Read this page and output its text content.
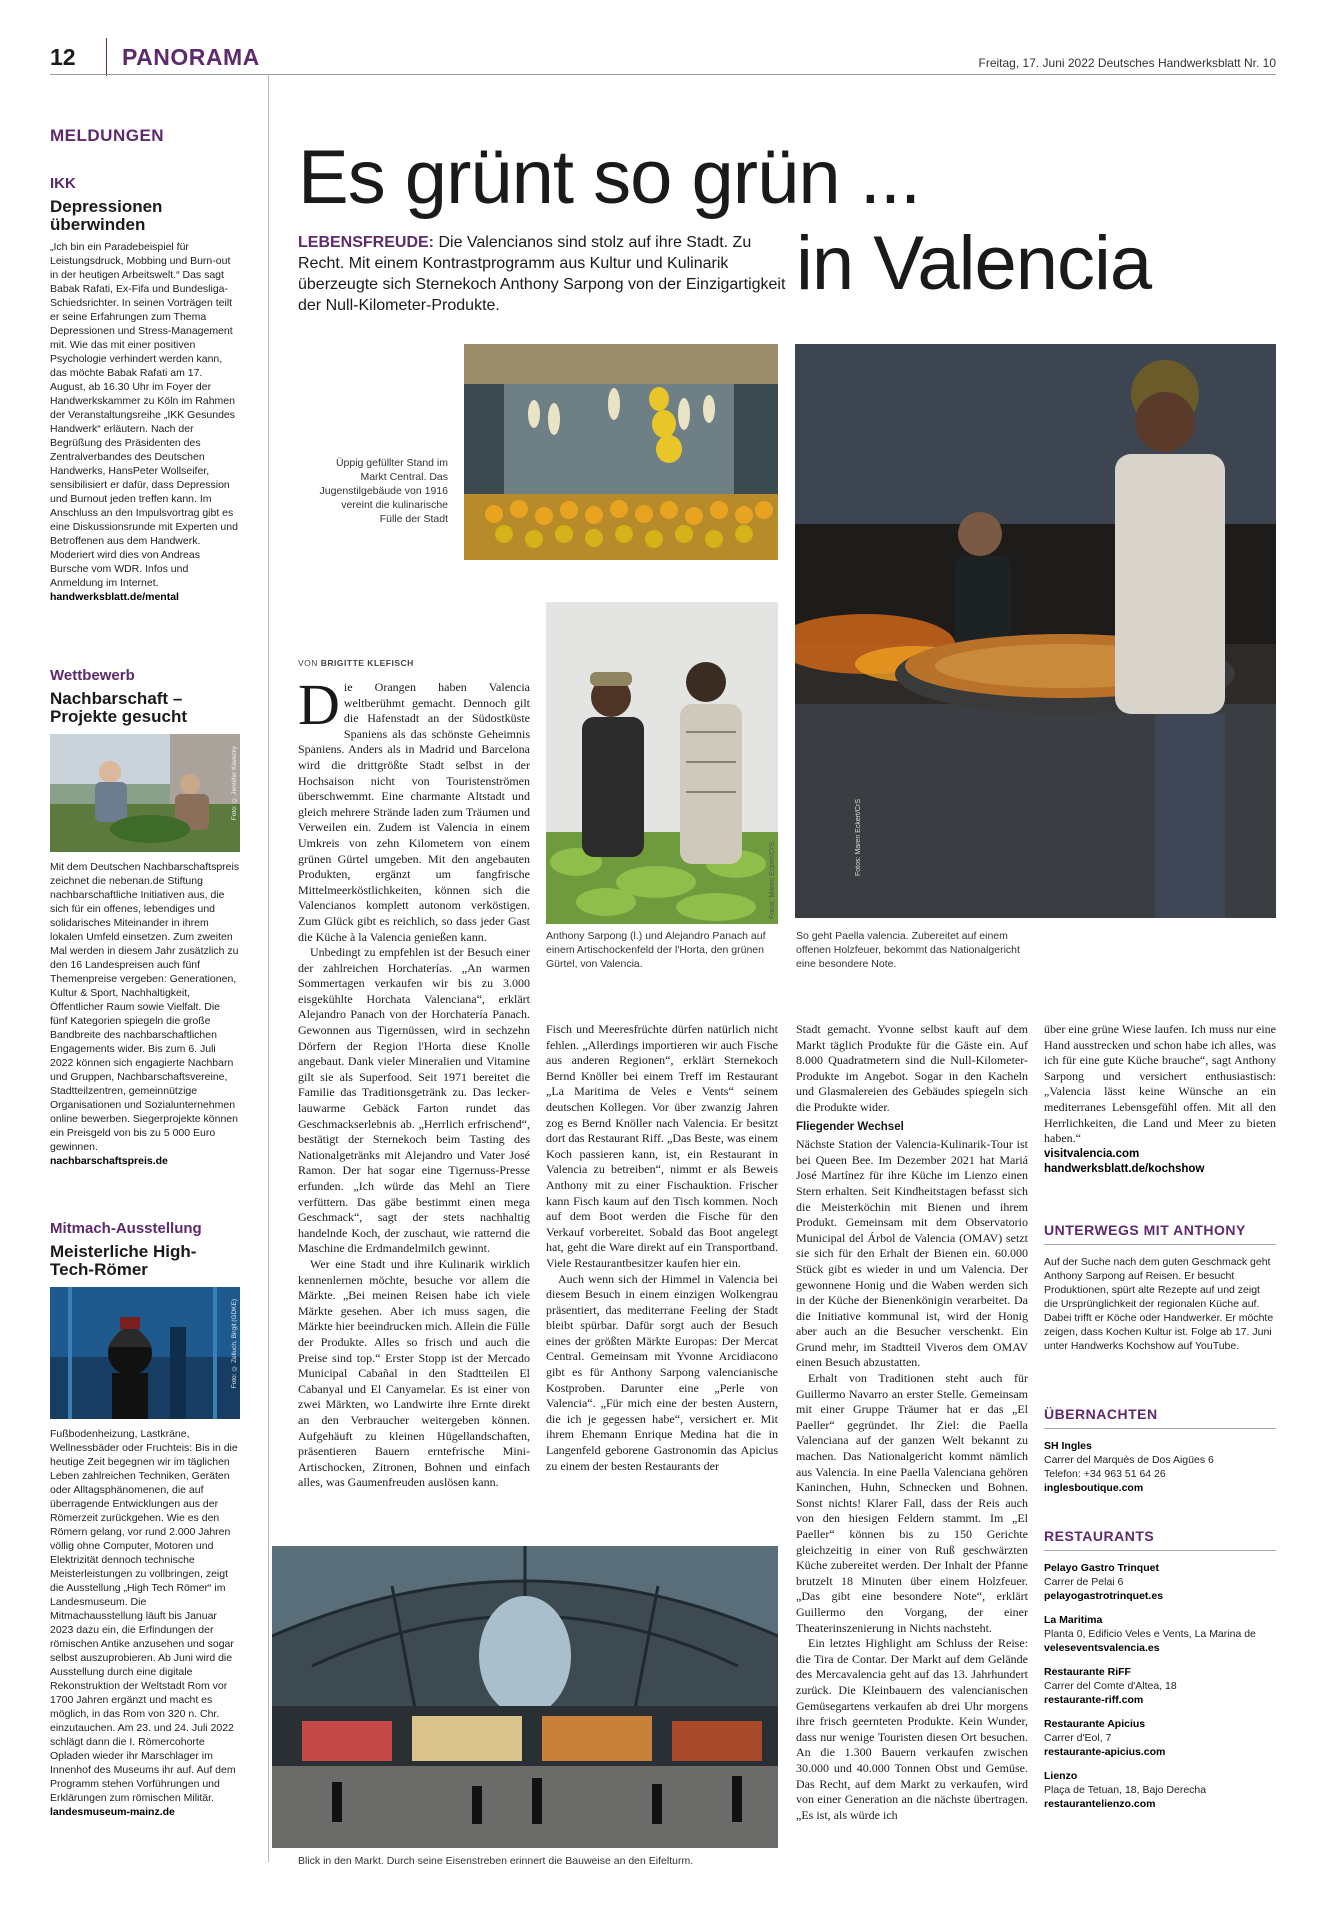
12 PANORAMA	Freitag, 17. Juni 2022 Deutsches Handwerksblatt Nr. 10
MELDUNGEN
IKK
Depressionen überwinden
„Ich bin ein Paradebeispiel für Leistungsdruck, Mobbing und Burn-out in der heutigen Arbeitswelt.“ Das sagt Babak Rafati, Ex-Fifa und Bundesliga-Schiedsrichter. In seinen Vorträgen teilt er seine Erfahrungen zum Thema Depressionen und Stress-Management mit. Wie das mit einer positiven Psychologie verhindert werden kann, das möchte Babak Rafati am 17. August, ab 16.30 Uhr im Foyer der Handwerkskammer zu Köln im Rahmen der Veranstaltungsreihe „IKK Gesundes Handwerk“ erläutern. Nach der Begrüßung des Präsidenten des Zentralverbandes des Deutschen Handwerks, HansPeter Wollseifer, sensibilisiert er dafür, dass Depression und Burnout jeden treffen kann. Im Anschluss an den Impulsvortrag gibt es eine Diskussionsrunde mit Experten und Betroffenen aus dem Handwerk. Moderiert wird dies von Andreas Bursche vom WDR. Infos und Anmeldung im Internet.
handwerksblatt.de/mental
Wettbewerb
Nachbarschaft – Projekte gesucht
Foto: © Jennifer Kiwecky
Mit dem Deutschen Nachbarschaftspreis zeichnet die nebenan.de Stiftung nachbarschaftliche Initiativen aus, die sich für ein offenes, lebendiges und solidarisches Miteinander in ihrem lokalen Umfeld einsetzen. Zum zweiten Mal werden in diesem Jahr zusätzlich zu den 16 Landespreisen auch fünf Themenpreise vergeben: Generationen, Kultur & Sport, Nachhaltigkeit, Öffentlicher Raum sowie Vielfalt. Die fünf Kategorien spiegeln die große Bandbreite des nachbarschaftlichen Engagements wider. Bis zum 6. Juli 2022 können sich engagierte Nachbarn und Gruppen, Nachbarschaftsvereine, Stadtteilzentren, gemeinnützige Organisationen und Sozialunternehmen online bewerben. Siegerprojekte können ein Preisgeld von bis zu 5 000 Euro gewinnen.
nachbarschaftspreis.de
Mitmach-Ausstellung
Meisterliche High-Tech-Römer
Foto: © Zelluch, Birgit (GDKE)
Fußbodenheizung, Lastkräne, Wellnessbäder oder Fruchteis: Bis in die heutige Zeit begegnen wir im täglichen Leben zahlreichen Techniken, Geräten oder Alltagsphänomenen, die auf überragende Entwicklungen aus der Römerzeit zurückgehen. Wie es den Römern gelang, vor rund 2.000 Jahren völlig ohne Computer, Motoren und Elektrizität dennoch technische Meisterleistungen zu vollbringen, zeigt die Ausstellung „High Tech Römer“ im Landesmuseum. Die Mitmachausstellung läuft bis Januar 2023 dazu ein, die Erfindungen der römischen Antike anzusehen und sogar selbst auszuprobieren. Ab Juni wird die Ausstellung durch eine digitale Rekonstruktion der Weltstadt Rom vor 1700 Jahren ergänzt und macht es möglich, in das Rom von 320 n. Chr. einzutauchen. Am 23. und 24. Juli 2022 schlägt dann die I. Römercohorte Opladen wieder ihr Marschlager im Innenhof des Museums ihr auf. Auf dem Programm stehen Vorführungen und Erklärungen zum römischen Militär.
landesmuseum-mainz.de
Es grünt so grün ...
in Valencia
LEBENSFREUDE: Die Valencianos sind stolz auf ihre Stadt. Zu Recht. Mit einem Kontrastprogramm aus Kultur und Kulinarik überzeugte sich Sternekoch Anthony Sarpong von der Einzigartigkeit der Null-Kilometer-Produkte.
Üppig gefüllter Stand im Markt Central. Das Jugenstilgebäude von 1916 vereint die kulinarische Fülle der Stadt
Fotos: Maren Eckert/CrS
So geht Paella valencia. Zubereitet auf einem offenen Holzfeuer, bekommt das Nationalgericht eine besondere Note.
Fotos: Maren Eckert/CrS
Anthony Sarpong (l.) und Alejandro Panach auf einem Artischockenfeld der l'Horta, den grünen Gürtel, von Valencia.
Blick in den Markt. Durch seine Eisenstreben erinnert die Bauweise an den Eifelturm.
VON BRIGITTE KLEFISCH

Die Orangen haben Valencia weltberühmt gemacht. Dennoch gilt die Hafenstadt an der Südostküste Spaniens als das schönste Geheimnis Spaniens. Anders als in Madrid und Barcelona wird die drittgrößte Stadt selbst in der Hochsaison nicht von Touristenströmen überschwemmt. Eine charmante Altstadt und gleich mehrere Strände laden zum Träumen und Verweilen ein. Zudem ist Valencia in einem Umkreis von zehn Kilometern von einem grünen Gürtel umgeben. Mit den angebauten Produkten, ergänzt um fangfrische Mittelmeerköstlichkeiten, können sich die Valencianos komplett autonom verköstigen. Zum Glück gibt es reichlich, so dass jeder Gast die Küche à la Valencia genießen kann.

Unbedingt zu empfehlen ist der Besuch einer der zahlreichen Horchaterías. „An warmen Sommertagen verkaufen wir bis zu 3.000 eisgekühlte Horchata Valenciana“, erklärt Alejandro Panach von der Horchatería Panach. Gewonnen aus Tigernüssen, wird in sechzehn Dörfern der Region l'Horta diese Knolle angebaut. Dank vieler Mineralien und Vitamine gilt sie als Superfood. Seit 1971 bereitet die Familie das Traditionsgetränk zu. Das lecker-lauwarme Gebäck Farton rundet das Geschmackserlebnis ab. „Herrlich erfrischend“, bestätigt der Sternekoch beim Tasting des Nationalgetränks mit Alejandro und Vater José Ramon. Der hat sogar eine Tigernuss-Presse erfunden. „Ich würde das Mehl an Tiere verfüttern. Das gäbe bestimmt einen mega Geschmack“, sagt der stets nachhaltig handelnde Koch, der zuschaut, wie ratternd die Maschine die Erdmandelmilch gewinnt.

Wer eine Stadt und ihre Kulinarik wirklich kennenlernen möchte, besuche vor allem die Märkte. „Bei meinen Reisen habe ich viele Märkte gesehen. Aber ich muss sagen, die Märkte hier beeindrucken mich. Allein die Fülle der Produkte. Alles so frisch und auch die Preise sind top.“ Erster Stopp ist der Mercado Municipal Cabañal in den Stadtteilen El Cabanyal und El Canyamelar. Es ist einer von zwei Märkten, wo Landwirte ihre Ernte direkt an den Verbraucher weitergeben können. Aufgehäuft zu kleinen Hügellandschaften, präsentieren Bauern erntefrische Mini-Artischocken, Zitronen, Bohnen und einfach alles, was Gaumenfreuden auslösen kann.

Fisch und Meeresfrüchte dürfen natürlich nicht fehlen. „Allerdings importieren wir auch Fische aus anderen Regionen“, erklärt Sternekoch Bernd Knöller bei einem Treff im Restaurant „La Maritima de Veles e Vents“ seinem deutschen Kollegen. Vor über zwanzig Jahren zog es Bernd Knöller nach Valencia. Er besitzt dort das Restaurant Riff. „Das Beste, was einem Koch passieren kann, ist, ein Restaurant in Valencia zu betreiben“, nimmt er als Beweis Anthony mit zu einer Fischauktion. Frischer kann Fisch kaum auf den Tisch kommen. Noch auf dem Boot werden die Fische für den Verkauf vorbereitet. Sobald das Boot angelegt hat, geht die Ware direkt auf ein Transportband. Viele Restaurantbesitzer kaufen hier ein.

Auch wenn sich der Himmel in Valencia bei diesem Besuch in einem einzigen Wolkengrau präsentiert, das mediterrane Feeling der Stadt bleibt spürbar. Dafür sorgt auch der Besuch eines der größten Märkte Europas: Der Mercat Central. Gemeinsam mit Yvonne Arcidiacono gibt es für Anthony Sarpong valencianische Kostproben. Darunter eine „Perle von Valencia“. „Für mich eine der besten Austern, die ich je gegessen habe“, versichert er. Mit ihrem Ehemann Enrique Medina hat die in Langenfeld geborene Gastronomin das Apicius zu einem der besten Restaurants der

Stadt gemacht. Yvonne selbst kauft auf dem Markt täglich Produkte für die Gäste ein. Auf 8.000 Quadratmetern sind die Null-Kilometer-Produkte im Angebot. Sogar in den Kacheln und Glasmalereien des Gebäudes spiegeln sich die Produkte wider.

Fliegender Wechsel

Nächste Station der Valencia-Kulinarik-Tour ist bei Queen Bee. Im Dezember 2021 hat Mariá José Martínez für ihre Küche im Lienzo einen Stern erhalten. Seit Kindheitstagen befasst sich die Meisterköchin mit Bienen und ihrem Produkt. Gemeinsam mit dem Observatorio Municipal del Árbol de Valencia (OMAV) setzt sie sich für den Erhalt der Bienen ein. 60.000 Stück gibt es wieder in und um Valencia. Der gewonnene Honig und die Waben werden sich in der Küche der Bienenkönigin verarbeitet. Da die Initiative kommunal ist, wird der Honig aber auch an die Besucher verschenkt. Ein Grund mehr, im Stadtteil Viveros dem OMAV einen Besuch abzustatten.

Erhalt von Traditionen steht auch für Guillermo Navarro an erster Stelle. Gemeinsam mit einer Gruppe Träumer hat er das „El Paeller“ gegründet. Ihr Ziel: die Paella Valenciana auf der ganzen Welt bekannt zu machen. Das Nationalgericht kommt nämlich aus Valencia. In eine Paella Valenciana gehören Kaninchen, Huhn, Schnecken und Bohnen. Sonst nichts! Klarer Fall, dass der Reis auch von den hiesigen Feldern stammt. Im „El Paeller“ können bis zu 150 Gerichte gleichzeitig in einer von Ruß geschwärzten Küche zubereitet werden. Der Inhalt der Pfanne brutzelt 18 Minuten über einem Holzfeuer. „Das gibt eine besondere Note“, erklärt Guillermo den Vorgang, der einer Theaterinszenierung in Nichts nachsteht.

Ein letztes Highlight am Schluss der Reise: die Tira de Contar. Der Markt auf dem Gelände des Mercavalencia geht auf das 13. Jahrhundert zurück. Die Kleinbauern des valencianischen Gemüsegartens verkaufen ab drei Uhr morgens ihre frisch geernteten Produkte. Kein Wunder, dass nur wenige Touristen diesen Ort besuchen. An die 1.300 Bauern verkaufen zwischen 30.000 und 40.000 Tonnen Obst und Gemüse. Das Recht, auf dem Markt zu verkaufen, wird von einer Generation an die nächste übertragen. „Es ist, als würde ich

über eine grüne Wiese laufen. Ich muss nur eine Hand ausstrecken und schon habe ich alles, was ich für eine gute Küche brauche“, sagt Anthony Sarpong und versichert enthusiastisch: „Valencia lässt keine Wünsche an ein mediterranes Lebensgefühl offen. Mit all den Herrlichkeiten, die Land und Meer zu bieten haben.“

visitvalencia.com
handwerksblatt.de/kochshow
UNTERWEGS MIT ANTHONY
Auf der Suche nach dem guten Geschmack geht Anthony Sarpong auf Reisen. Er besucht Produktionen, spürt alte Rezepte auf und zeigt die Ursprünglichkeit der regionalen Küche auf. Dabei trifft er Köche oder Handwerker. Er möchte zeigen, dass Kochen Kultur ist. Folge ab 17. Juni unter Handwerks Kochshow auf YouTube.
ÜBERNACHTEN
SH Ingles
Carrer del Marquès de Dos Aigües 6
Telefon: +34 963 51 64 26
inglesboutique.com
RESTAURANTS
Pelayo Gastro Trinquet
Carrer de Pelai 6
pelayogastrotrinquet.es
La Maritima
Planta 0, Edificio Veles e Vents, La Marina de
veleseventsvalencia.es
Restaurante RiFF
Carrer del Comte d'Altea, 18
restaurante-riff.com
Restaurante Apicius
Carrer d'Eol, 7
restaurante-apicius.com
Lienzo
Plaça de Tetuan, 18, Bajo Derecha
restaurantelienzo.com
